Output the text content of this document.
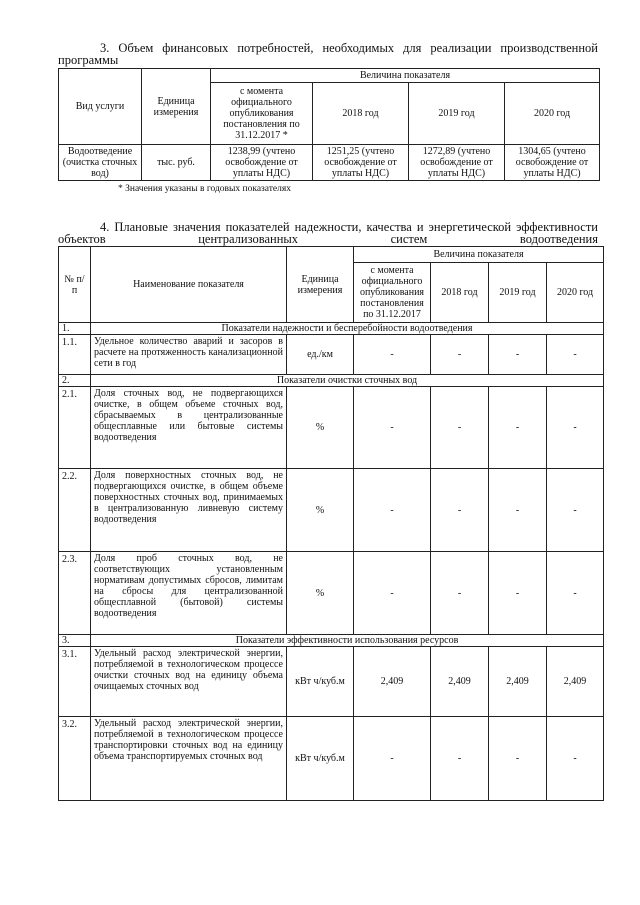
3. Объем финансовых потребностей, необходимых для реализации производственной программы
Вид услуги	Единица измерения	Величина показателя			
		с момента официального опубликования постановления по 31.12.2017 *	2018 год	2019 год	2020 год
Водоотведение (очистка сточных вод)	тыс. руб.	1238,99 (учтено освобождение от уплаты НДС)	1251,25 (учтено освобождение от уплаты НДС)	1272,89 (учтено освобождение от уплаты НДС)	1304,65 (учтено освобождение от уплаты НДС)
* Значения указаны в годовых показателях
4. Плановые значения показателей надежности, качества и энергетической эффективности объектов централизованных систем водоотведения
№ п/п	Наименование показателя	Единица измерения	Величина показателя			
			с момента официального опубликования постановления по 31.12.2017	2018 год	2019 год	2020 год
1.	Показатели надежности и бесперебойности водоотведения					
1.1.	Удельное количество аварий и засоров в расчете на протяженность канализационной сети в год	ед./км	-	-	-	-
2.	Показатели очистки сточных вод					
2.1.	Доля сточных вод, не подвергающихся очистке, в общем объеме сточных вод, сбрасываемых в централизованные общесплавные или бытовые системы водоотведения	%	-	-	-	-
2.2.	Доля поверхностных сточных вод, не подвергающихся очистке, в общем объеме поверхностных сточных вод, принимаемых в централизованную ливневую систему водоотведения	%	-	-	-	-
2.3.	Доля проб сточных вод, не соответствующих установленным нормативам допустимых сбросов, лимитам на сбросы для централизованной общесплавной (бытовой) системы водоотведения	%	-	-	-	-
3.	Показатели эффективности использования ресурсов					
3.1.	Удельный расход электрической энергии, потребляемой в технологическом процессе очистки сточных вод на единицу объема очищаемых сточных вод	кВт ч/куб.м	2,409	2,409	2,409	2,409
3.2.	Удельный расход электрической энергии, потребляемой в технологическом процессе транспортировки сточных вод на единицу объема транспортируемых сточных вод	кВт ч/куб.м	-	-	-	-
